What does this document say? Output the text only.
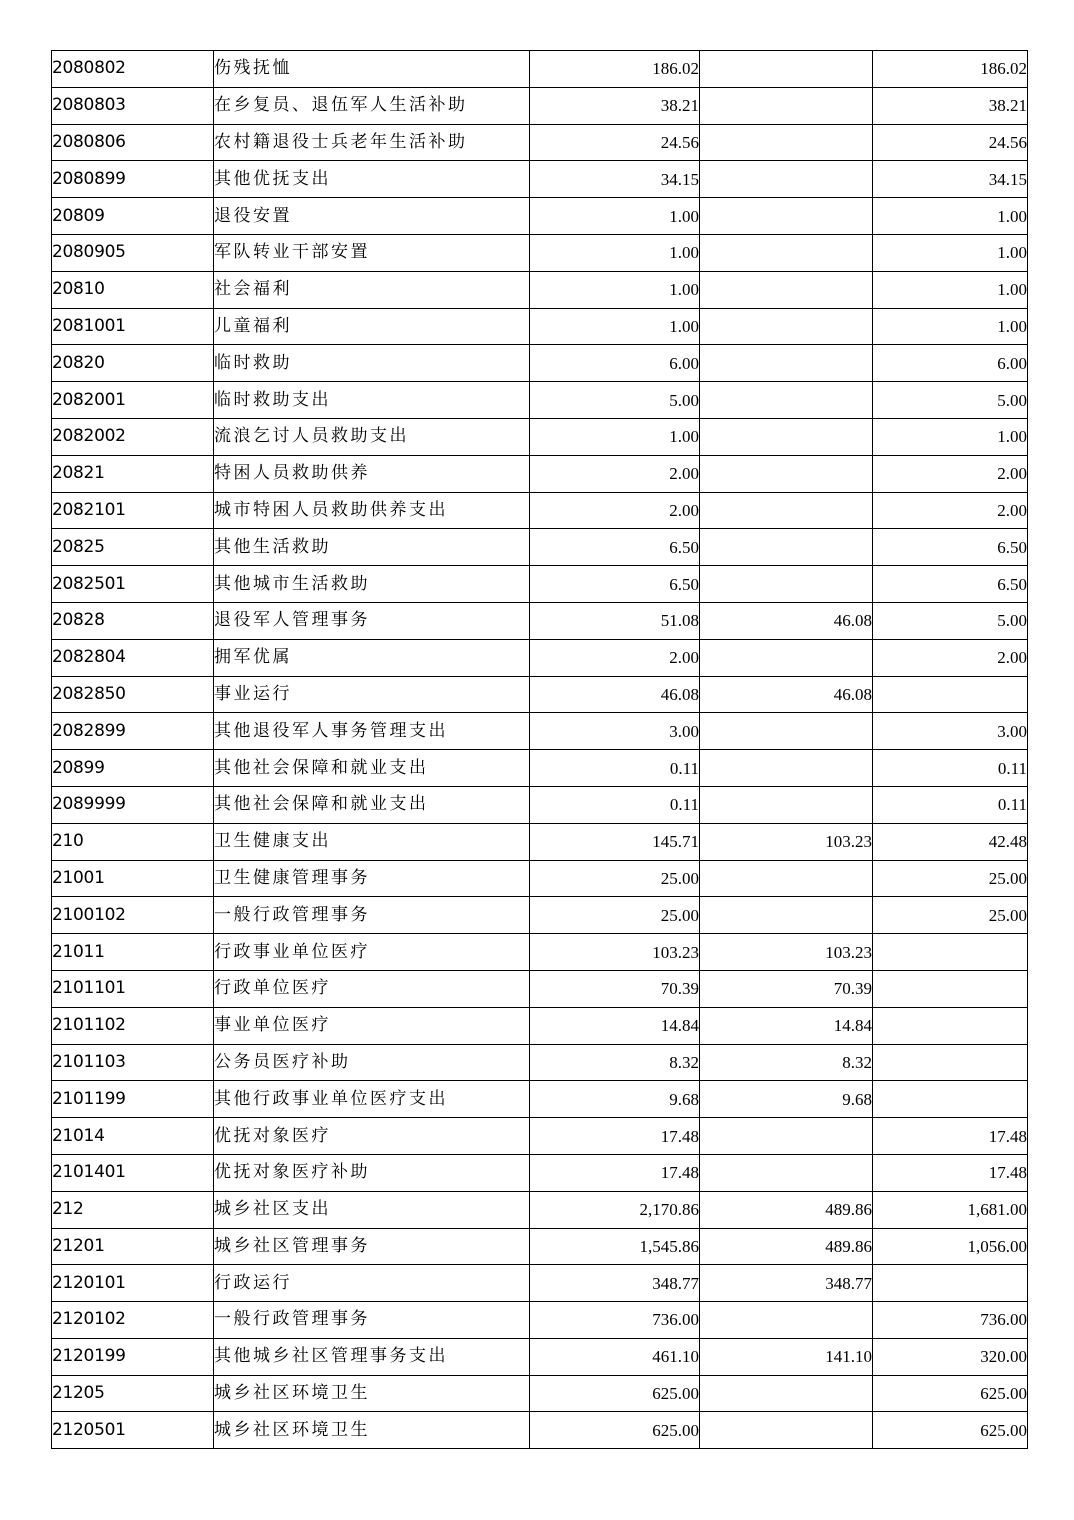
2080802	伤残抚恤	186.02		186.02
2080803	在乡复员、退伍军人生活补助	38.21		38.21
2080806	农村籍退役士兵老年生活补助	24.56		24.56
2080899	其他优抚支出	34.15		34.15
20809	退役安置	1.00		1.00
2080905	军队转业干部安置	1.00		1.00
20810	社会福利	1.00		1.00
2081001	儿童福利	1.00		1.00
20820	临时救助	6.00		6.00
2082001	临时救助支出	5.00		5.00
2082002	流浪乞讨人员救助支出	1.00		1.00
20821	特困人员救助供养	2.00		2.00
2082101	城市特困人员救助供养支出	2.00		2.00
20825	其他生活救助	6.50		6.50
2082501	其他城市生活救助	6.50		6.50
20828	退役军人管理事务	51.08	46.08	5.00
2082804	拥军优属	2.00		2.00
2082850	事业运行	46.08	46.08	
2082899	其他退役军人事务管理支出	3.00		3.00
20899	其他社会保障和就业支出	0.11		0.11
2089999	其他社会保障和就业支出	0.11		0.11
210	卫生健康支出	145.71	103.23	42.48
21001	卫生健康管理事务	25.00		25.00
2100102	一般行政管理事务	25.00		25.00
21011	行政事业单位医疗	103.23	103.23	
2101101	行政单位医疗	70.39	70.39	
2101102	事业单位医疗	14.84	14.84	
2101103	公务员医疗补助	8.32	8.32	
2101199	其他行政事业单位医疗支出	9.68	9.68	
21014	优抚对象医疗	17.48		17.48
2101401	优抚对象医疗补助	17.48		17.48
212	城乡社区支出	2,170.86	489.86	1,681.00
21201	城乡社区管理事务	1,545.86	489.86	1,056.00
2120101	行政运行	348.77	348.77	
2120102	一般行政管理事务	736.00		736.00
2120199	其他城乡社区管理事务支出	461.10	141.10	320.00
21205	城乡社区环境卫生	625.00		625.00
2120501	城乡社区环境卫生	625.00		625.00
